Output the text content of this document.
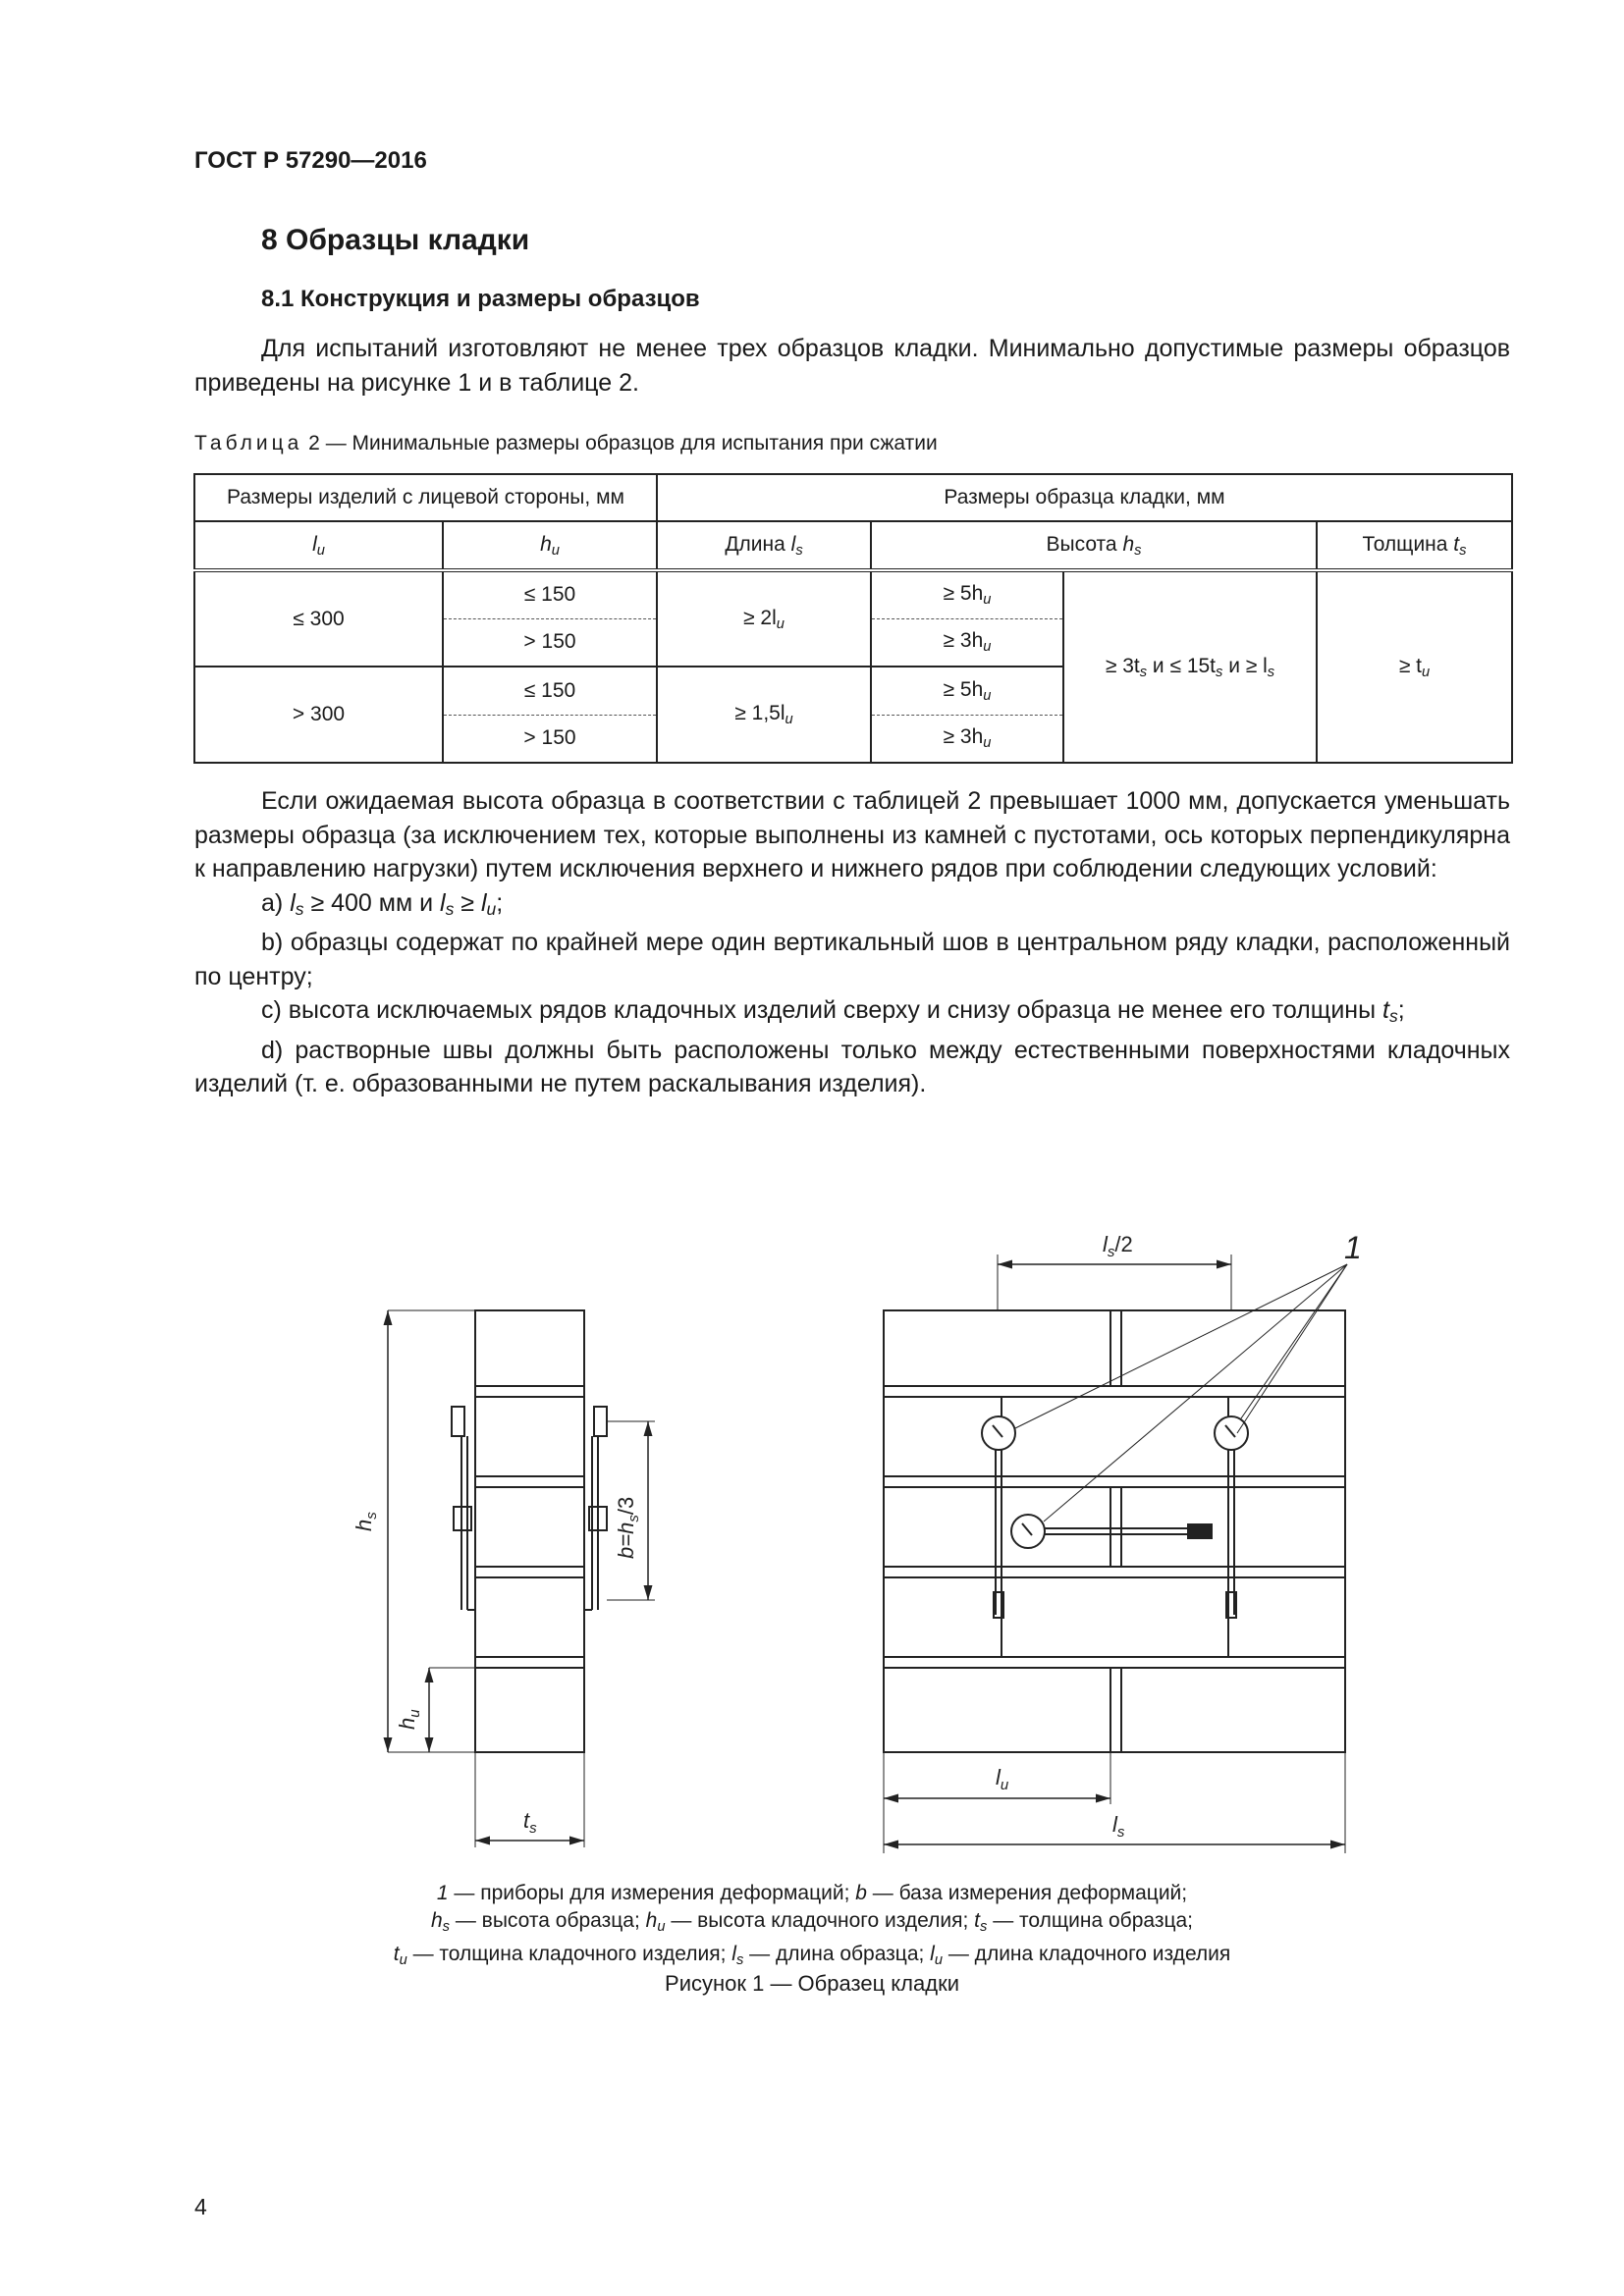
ГОСТ Р 57290—2016
8 Образцы кладки
8.1 Конструкция и размеры образцов

Для испытаний изготовляют не менее трех образцов кладки. Минимально допустимые размеры образцов приведены на рисунке 1 и в таблице 2.

Таблица 2 — Минимальные размеры образцов для испытания при сжатии
Размеры изделий с лицевой стороны, мм		Размеры образца кладки, мм			
$l_u$	$h_u$	Длина $l_s$	Высота $h_s$		Толщина $t_s$
≤ 300	≤ 150	≥ $2l_u$	≥ $5h_u$	≥ $3t_s$ $и \le 15t_s$ $и \ge l_s$	≥ $t_u$
	> 150		≥ $3h_u$
> 300	≤ 150	≥ $1,5l_u$	≥ $5h_u$
	> 150		≥ $3h_u$

Если ожидаемая высота образца в соответствии с таблицей 2 превышает 1000 мм, допускается уменьшать размеры образца (за исключением тех, которые выполнены из камней с пустотами, ось которых перпендикулярна к направлению нагрузки) путем исключения верхнего и нижнего рядов при соблюдении следующих условий:

a) $l_s \ge 400$ мм и $l_s \ge l_u$;

b) образцы содержат по крайней мере один вертикальный шов в центральном ряду кладки, расположенный по центру;

c) высота исключаемых рядов кладочных изделий сверху и снизу образца не менее его толщины $t_s$;

d) растворные швы должны быть расположены только между естественными поверхностями кладочных изделий (т. е. образованными не путем раскалывания изделия).

$h_s$
$h_u$
$b=h_s/3$
$t_s$
$l_s/2$	1
$l_u$
$l_s$
1 — приборы для измерения деформаций; b — база измерения деформаций;
$h_s$ — высота образца; $h_u$ — высота кладочного изделия; $t_s$ — толщина образца;
$t_u$ — толщина кладочного изделия; $l_s$ — длина образца; $l_u$ — длина кладочного изделия
Рисунок 1 — Образец кладки
4
